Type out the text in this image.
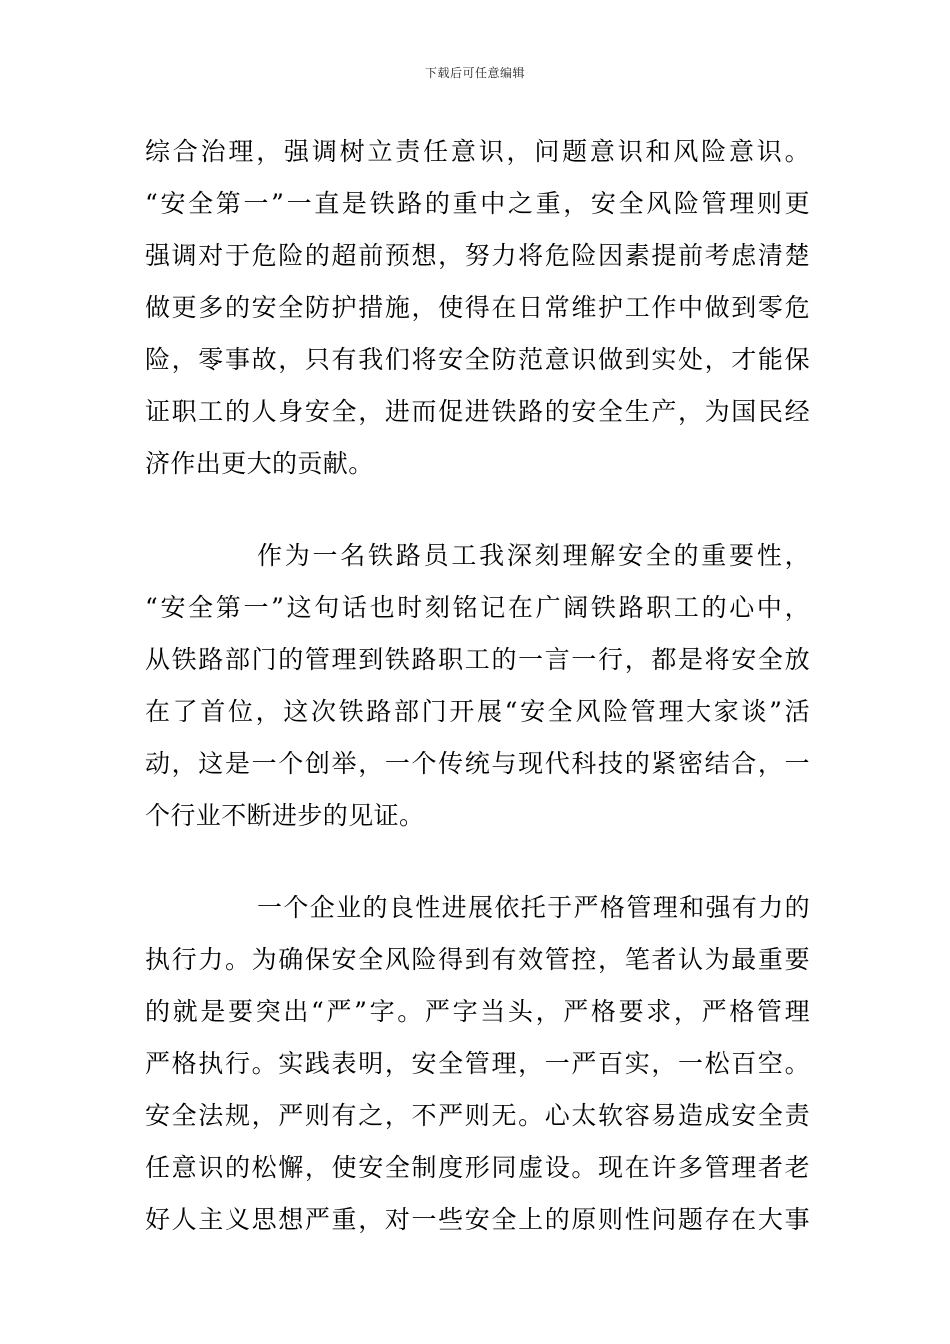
下载后可任意编辑
综合治理，强调树立责任意识，问题意识和风险意识。
“安全第一”一直是铁路的重中之重，安全风险管理则更
强调对于危险的超前预想，努力将危险因素提前考虑清楚
做更多的安全防护措施，使得在日常维护工作中做到零危
险，零事故，只有我们将安全防范意识做到实处，才能保
证职工的人身安全，进而促进铁路的安全生产，为国民经
济作出更大的贡献。
作为一名铁路员工我深刻理解安全的重要性，
“安全第一”这句话也时刻铭记在广阔铁路职工的心中，
从铁路部门的管理到铁路职工的一言一行，都是将安全放
在了首位，这次铁路部门开展“安全风险管理大家谈”活
动，这是一个创举，一个传统与现代科技的紧密结合，一
个行业不断进步的见证。
一个企业的良性进展依托于严格管理和强有力的
执行力。为确保安全风险得到有效管控，笔者认为最重要
的就是要突出“严”字。严字当头，严格要求，严格管理
严格执行。实践表明，安全管理，一严百实，一松百空。
安全法规，严则有之，不严则无。心太软容易造成安全责
任意识的松懈，使安全制度形同虚设。现在许多管理者老
好人主义思想严重，对一些安全上的原则性问题存在大事
